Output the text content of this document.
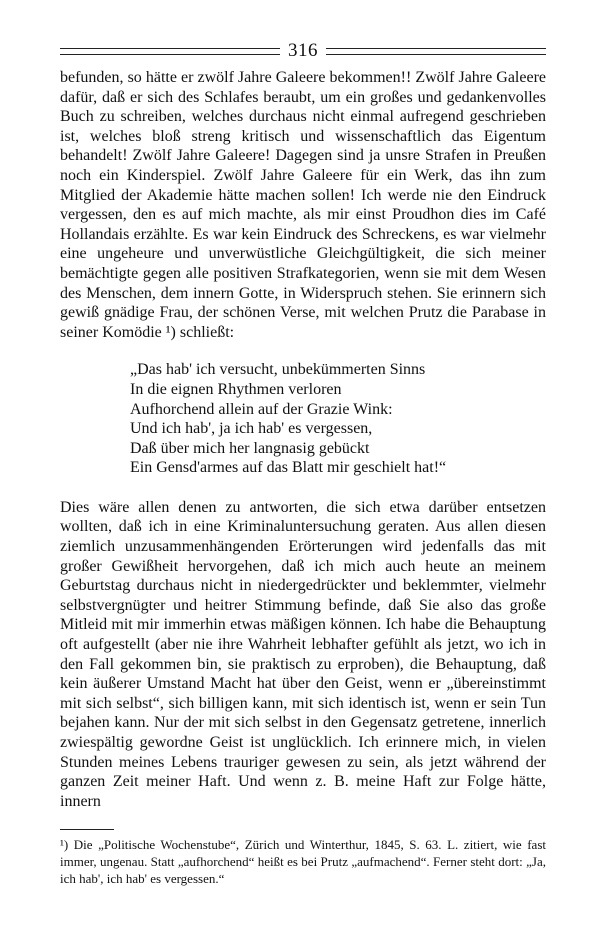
316

befunden, so hätte er zwölf Jahre Galeere bekommen!! Zwölf Jahre Galeere dafür, daß er sich des Schlafes beraubt, um ein großes und gedankenvolles Buch zu schreiben, welches durchaus nicht einmal aufregend geschrieben ist, welches bloß streng kritisch und wissenschaftlich das Eigentum behandelt! Zwölf Jahre Galeere! Dagegen sind ja unsre Strafen in Preußen noch ein Kinderspiel. Zwölf Jahre Galeere für ein Werk, das ihn zum Mitglied der Akademie hätte machen sollen! Ich werde nie den Eindruck vergessen, den es auf mich machte, als mir einst Proudhon dies im Café Hollandais erzählte. Es war kein Eindruck des Schreckens, es war vielmehr eine ungeheure und unverwüstliche Gleichgültigkeit, die sich meiner bemächtigte gegen alle positiven Strafkategorien, wenn sie mit dem Wesen des Menschen, dem innern Gotte, in Widerspruch stehen. Sie erinnern sich gewiß gnädige Frau, der schönen Verse, mit welchen Prutz die Parabase in seiner Komödie ¹) schließt:

„Das hab' ich versucht, unbekümmerten Sinns
In die eignen Rhythmen verloren
Aufhorchend allein auf der Grazie Wink:
Und ich hab', ja ich hab' es vergessen,
Daß über mich her langnasig gebückt
Ein Gensd'armes auf das Blatt mir geschielt hat!“

Dies wäre allen denen zu antworten, die sich etwa darüber entsetzen wollten, daß ich in eine Kriminaluntersuchung geraten. Aus allen diesen ziemlich unzusammenhängenden Erörterungen wird jedenfalls das mit großer Gewißheit hervorgehen, daß ich mich auch heute an meinem Geburtstag durchaus nicht in niedergedrückter und beklemmter, vielmehr selbstvergnügter und heitrer Stimmung befinde, daß Sie also das große Mitleid mit mir immerhin etwas mäßigen können. Ich habe die Behauptung oft aufgestellt (aber nie ihre Wahrheit lebhafter gefühlt als jetzt, wo ich in den Fall gekommen bin, sie praktisch zu erproben), die Behauptung, daß kein äußerer Umstand Macht hat über den Geist, wenn er „übereinstimmt mit sich selbst“, sich billigen kann, mit sich identisch ist, wenn er sein Tun bejahen kann. Nur der mit sich selbst in den Gegensatz getretene, innerlich zwiespältig gewordne Geist ist unglücklich. Ich erinnere mich, in vielen Stunden meines Lebens trauriger gewesen zu sein, als jetzt während der ganzen Zeit meiner Haft. Und wenn z. B. meine Haft zur Folge hätte, innern

¹) Die „Politische Wochenstube“, Zürich und Winterthur, 1845, S. 63. L. zitiert, wie fast immer, ungenau. Statt „aufhorchend“ heißt es bei Prutz „aufmachend“. Ferner steht dort: „Ja, ich hab', ich hab' es vergessen.“
